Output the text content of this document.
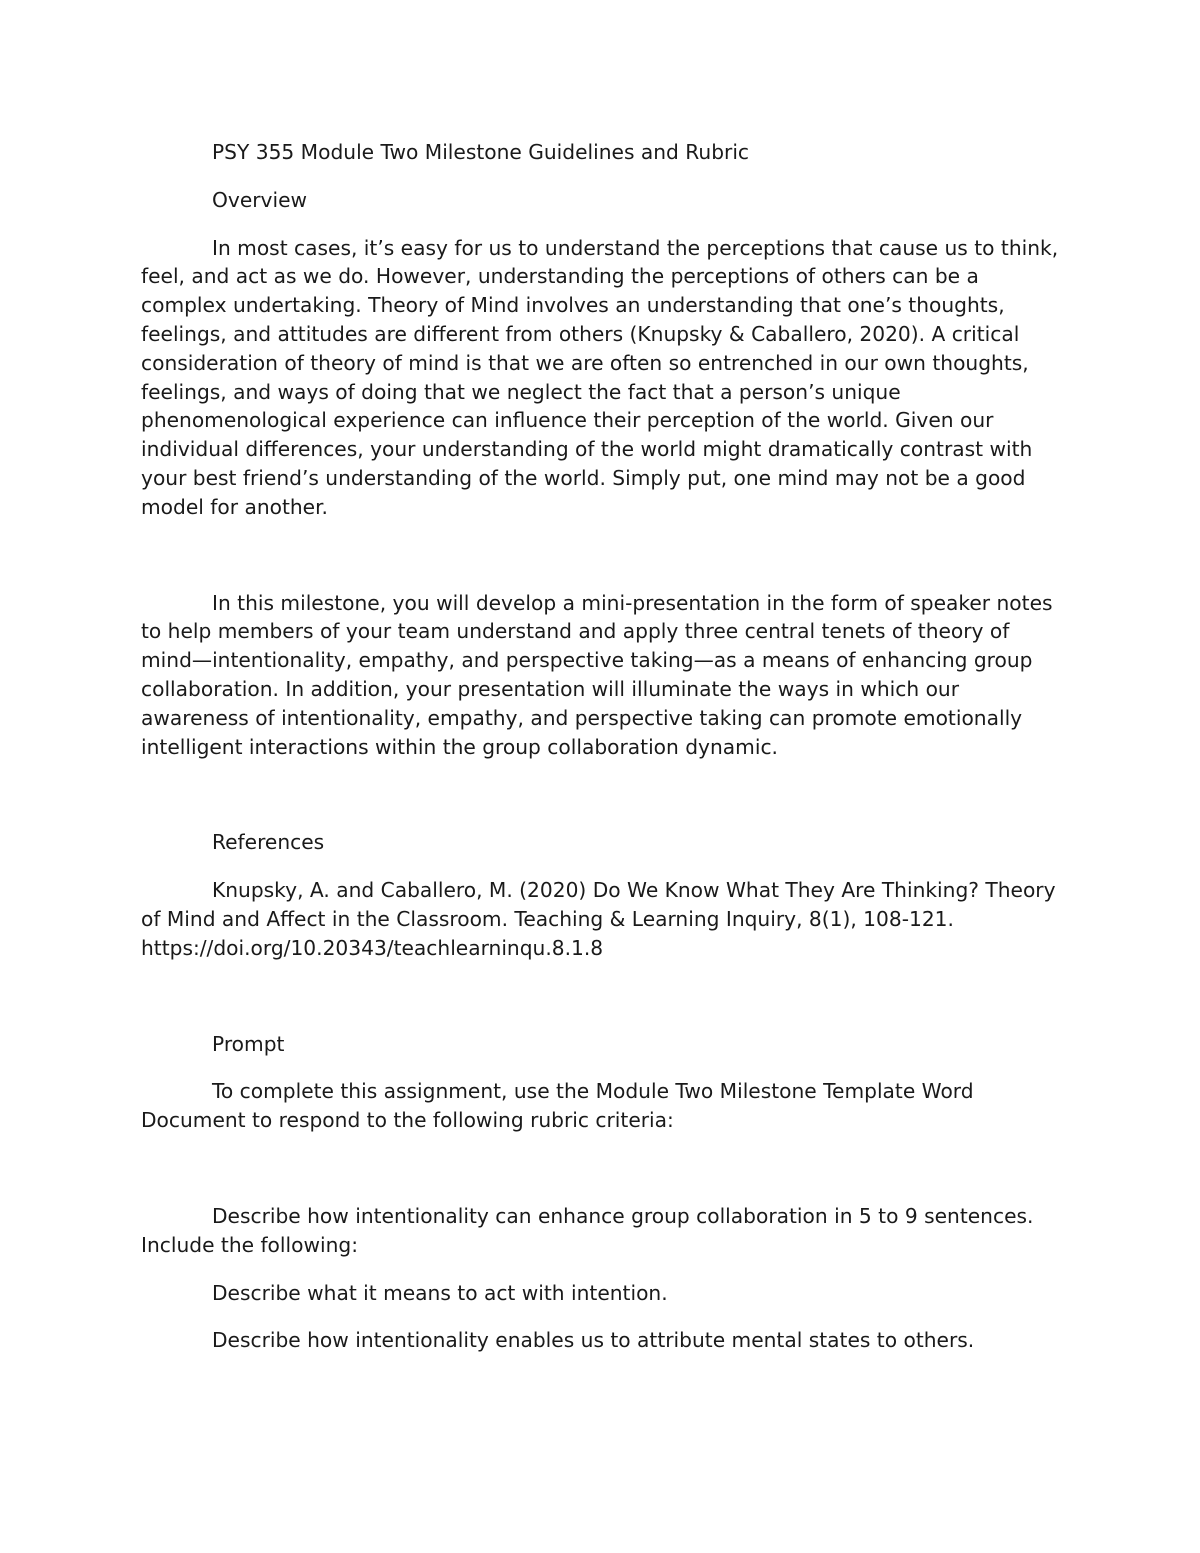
PSY 355 Module Two Milestone Guidelines and Rubric

Overview

In most cases, it’s easy for us to understand the perceptions that cause us to think, feel, and act as we do. However, understanding the perceptions of others can be a complex undertaking. Theory of Mind involves an understanding that one’s thoughts, feelings, and attitudes are different from others (Knupsky & Caballero, 2020). A critical consideration of theory of mind is that we are often so entrenched in our own thoughts, feelings, and ways of doing that we neglect the fact that a person’s unique phenomenological experience can influence their perception of the world. Given our individual differences, your understanding of the world might dramatically contrast with your best friend’s understanding of the world. Simply put, one mind may not be a good model for another.

In this milestone, you will develop a mini-presentation in the form of speaker notes to help members of your team understand and apply three central tenets of theory of mind—intentionality, empathy, and perspective taking—as a means of enhancing group collaboration. In addition, your presentation will illuminate the ways in which our awareness of intentionality, empathy, and perspective taking can promote emotionally intelligent interactions within the group collaboration dynamic.

References

Knupsky, A. and Caballero, M. (2020) Do We Know What They Are Thinking? Theory of Mind and Affect in the Classroom. Teaching & Learning Inquiry, 8(1), 108-121. https://doi.org/10.20343/teachlearninqu.8.1.8

Prompt

To complete this assignment, use the Module Two Milestone Template Word Document to respond to the following rubric criteria:

Describe how intentionality can enhance group collaboration in 5 to 9 sentences. Include the following:

Describe what it means to act with intention.

Describe how intentionality enables us to attribute mental states to others.
